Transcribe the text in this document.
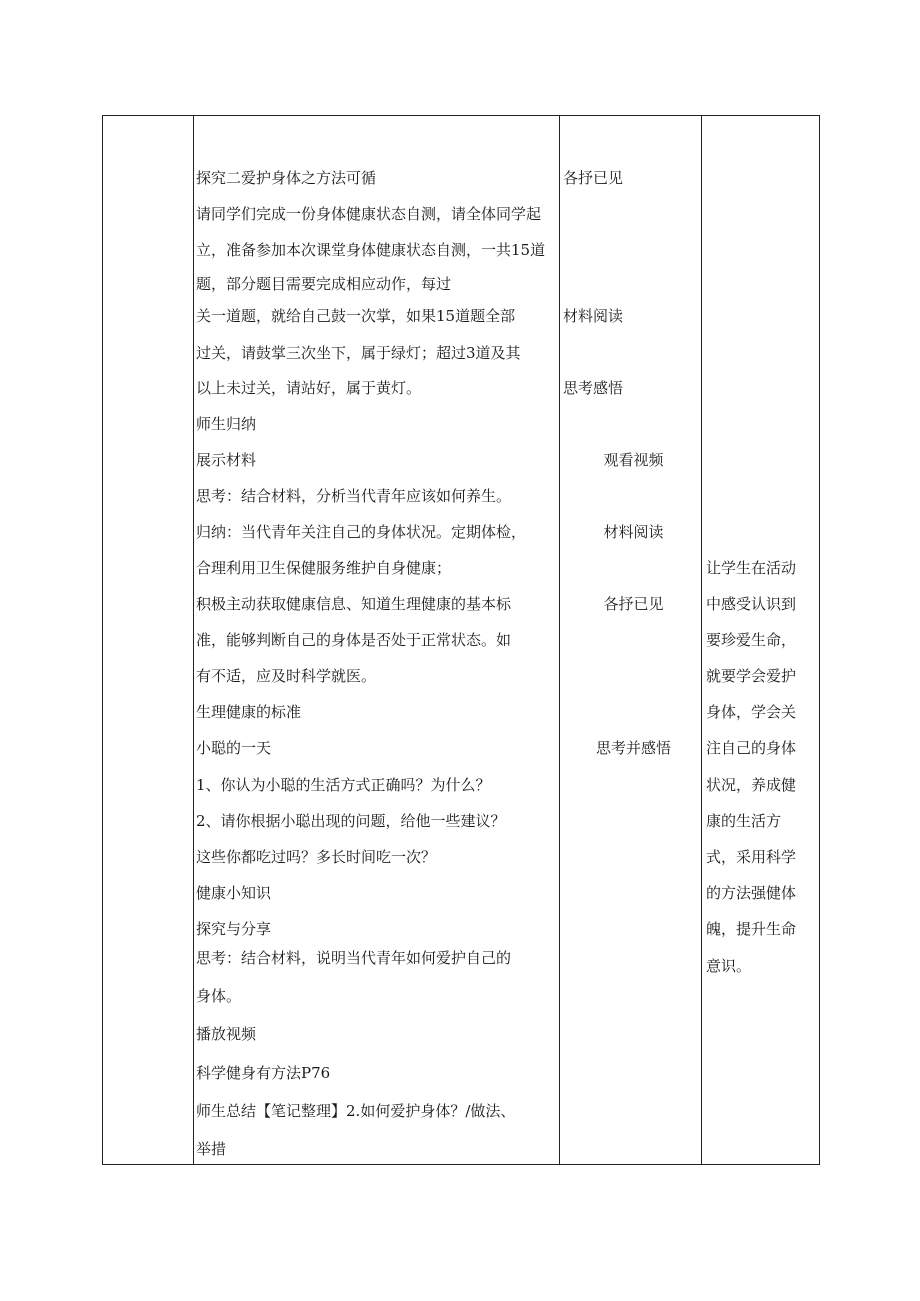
探究二爱护身体之方法可循
请同学们完成一份身体健康状态自测，请全体同学起
立，准备参加本次课堂身体健康状态自测，一共15道
题，部分题目需要完成相应动作，每过
关一道题，就给自己鼓一次掌，如果15道题全部
过关，请鼓掌三次坐下，属于绿灯；超过3道及其
以上未过关，请站好，属于黄灯。
师生归纳
展示材料
思考：结合材料，分析当代青年应该如何养生。
归纳：当代青年关注自己的身体状况。定期体检，
合理利用卫生保健服务维护自身健康；
积极主动获取健康信息、知道生理健康的基本标
准，能够判断自己的身体是否处于正常状态。如
有不适，应及时科学就医。
生理健康的标准
小聪的一天
1、你认为小聪的生活方式正确吗？为什么？
2、请你根据小聪出现的问题，给他一些建议？
这些你都吃过吗？多长时间吃一次？
健康小知识
探究与分享
思考：结合材料，说明当代青年如何爱护自己的
身体。
播放视频
科学健身有方法P76
师生总结【笔记整理】2.如何爱护身体？/做法、
举措
各抒已见
材料阅读
思考感悟
观看视频
材料阅读
各抒已见
思考并感悟
让学生在活动
中感受认识到
要珍爱生命，
就要学会爱护
身体，学会关
注自己的身体
状况，养成健
康的生活方
式，采用科学
的方法强健体
魄，提升生命
意识。
